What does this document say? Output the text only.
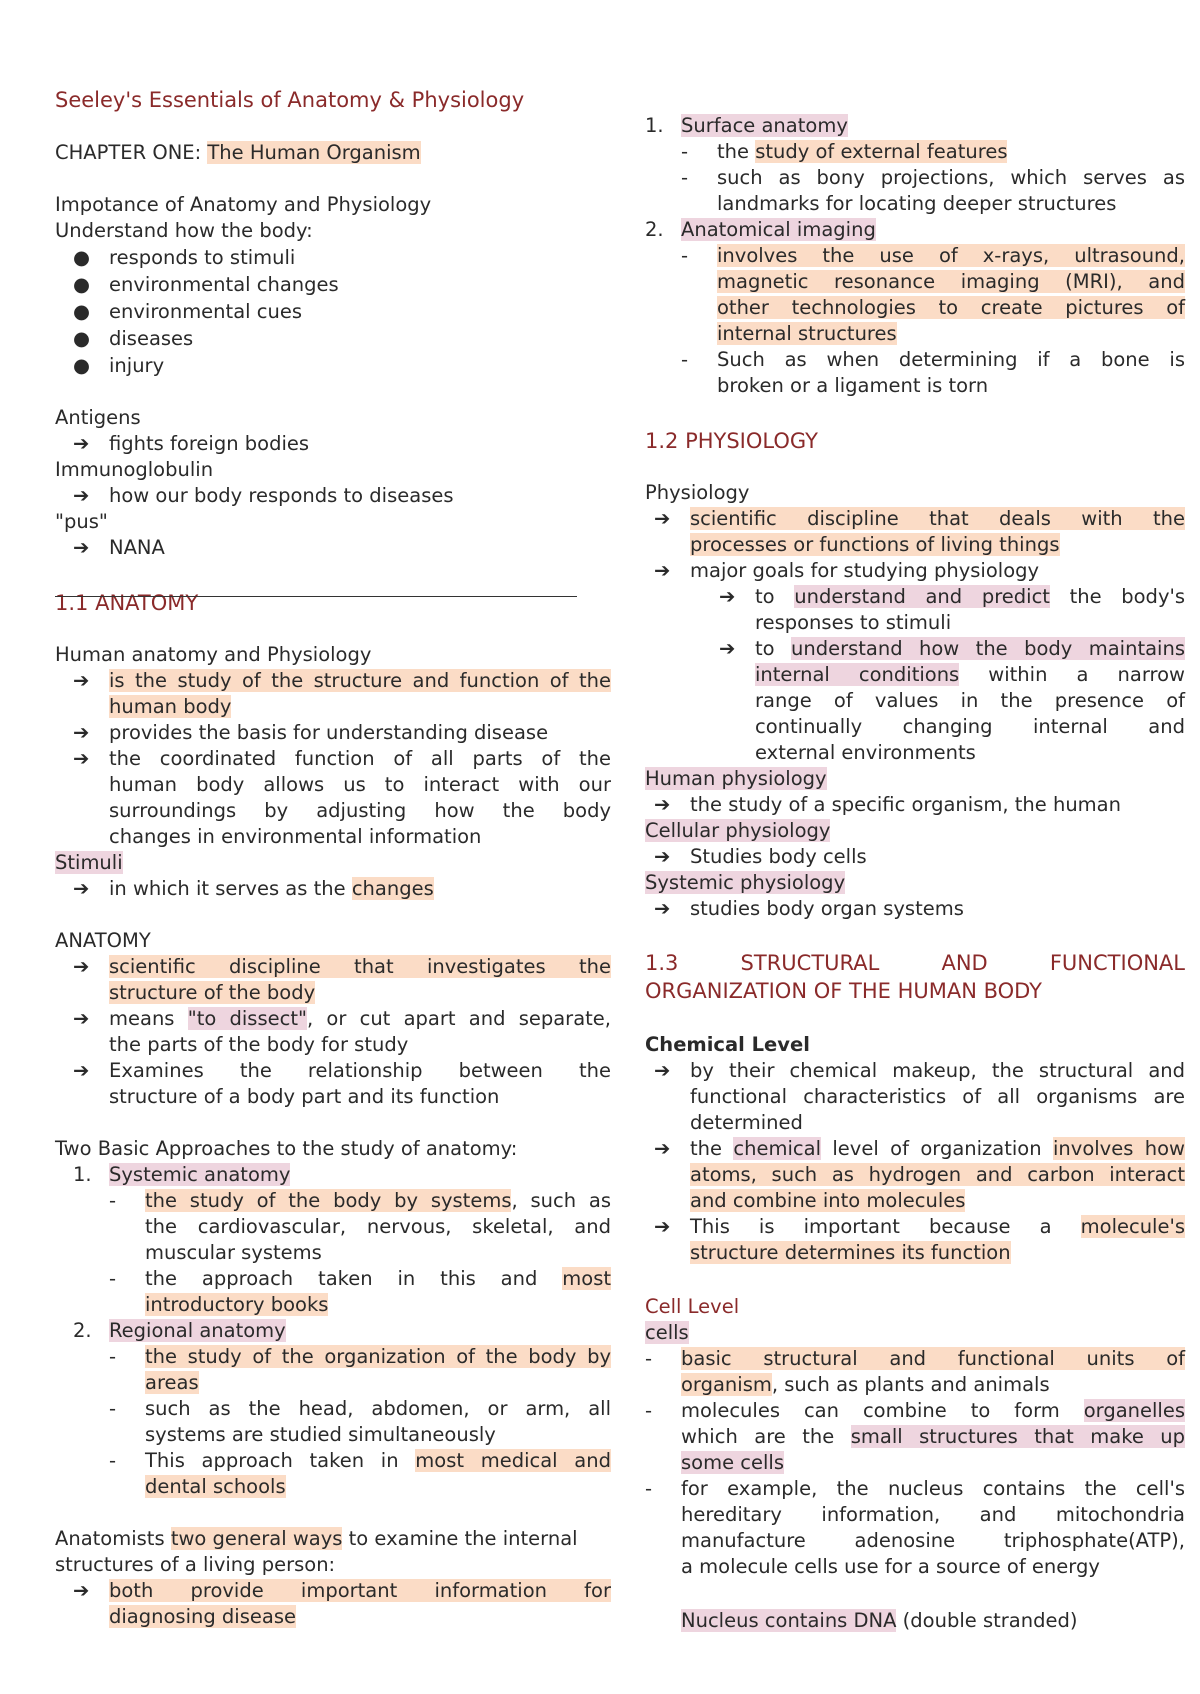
Seeley's Essentials of Anatomy & Physiology
CHAPTER ONE: The Human Organism
Impotance of Anatomy and Physiology
Understand how the body:
● responds to stimuli
● environmental changes
● environmental cues
● diseases
● injury
Antigens
➔ fights foreign bodies
Immunoglobulin
➔ how our body responds to diseases
"pus"
➔ NANA
1.1 ANATOMY
Human anatomy and Physiology
➔ is the study of the structure and function of the
human body
➔ provides the basis for understanding disease
➔ the coordinated function of all parts of the
human body allows us to interact with our
surroundings by adjusting how the body
changes in environmental information
Stimuli
➔ in which it serves as the changes
ANATOMY
➔ scientific discipline that investigates the
structure of the body
➔ means "to dissect", or cut apart and separate,
the parts of the body for study
➔ Examines the relationship between the
structure of a body part and its function
Two Basic Approaches to the study of anatomy:
1. Systemic anatomy
- the study of the body by systems, such as
the cardiovascular, nervous, skeletal, and
muscular systems
- the approach taken in this and most
introductory books
2. Regional anatomy
- the study of the organization of the body by
areas
- such as the head, abdomen, or arm, all
systems are studied simultaneously
- This approach taken in most medical and
dental schools
Anatomists two general ways to examine the internal
structures of a living person:
➔ both provide important information for
diagnosing disease
1. Surface anatomy
- the study of external features
- such as bony projections, which serves as
landmarks for locating deeper structures
2. Anatomical imaging
- involves the use of x-rays, ultrasound,
magnetic resonance imaging (MRI), and
other technologies to create pictures of
internal structures
- Such as when determining if a bone is
broken or a ligament is torn
1.2 PHYSIOLOGY
Physiology
➔ scientific discipline that deals with the
processes or functions of living things
➔ major goals for studying physiology
➔ to understand and predict the body's
responses to stimuli
➔ to understand how the body maintains
internal conditions within a narrow
range of values in the presence of
continually changing internal and
external environments
Human physiology
➔ the study of a specific organism, the human
Cellular physiology
➔ Studies body cells
Systemic physiology
➔ studies body organ systems
1.3 STRUCTURAL AND FUNCTIONAL
ORGANIZATION OF THE HUMAN BODY
Chemical Level
➔ by their chemical makeup, the structural and
functional characteristics of all organisms are
determined
➔ the chemical level of organization involves how
atoms, such as hydrogen and carbon interact
and combine into molecules
➔ This is important because a molecule's
structure determines its function
Cell Level
cells
- basic structural and functional units of
organism, such as plants and animals
- molecules can combine to form organelles
which are the small structures that make up
some cells
- for example, the nucleus contains the cell's
hereditary information, and mitochondria
manufacture adenosine triphosphate(ATP),
a molecule cells use for a source of energy
Nucleus contains DNA (double stranded)
